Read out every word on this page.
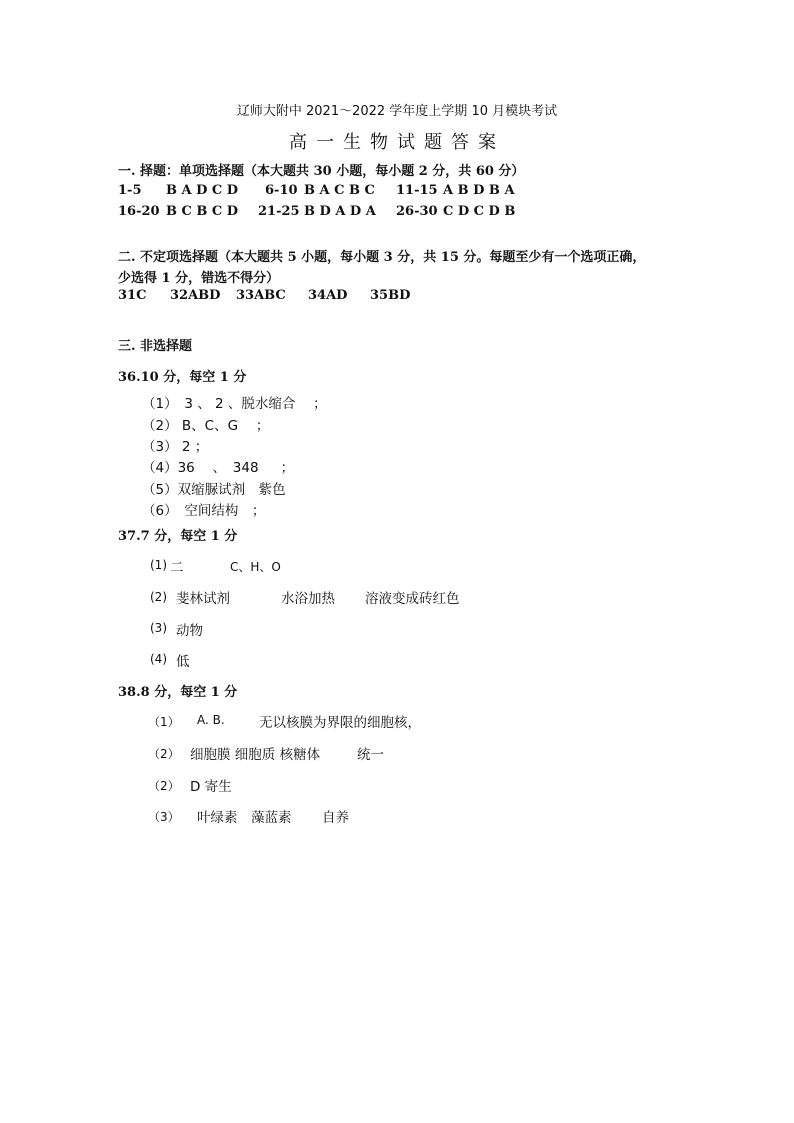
辽师大附中 2021～2022 学年度上学期 10 月模块考试
高一生物试题答案
一. 择题：单项选择题（本大题共 30 小题，每小题 2 分，共 60 分）
1-5 B A D C D 6-10 B A C B C 11-15 A B D B A
16-20 B C B C D 21-25 B D A D A 26-30 C D C D B
二. 不定项选择题（本大题共 5 小题，每小题 3 分，共 15 分。每题至少有一个选项正确，
少选得 1 分，错选不得分）
31C 32ABD 33ABC 34AD 35BD
三. 非选择题
36.10 分，每空 1 分
（1）　3 、 2 、脱水缩合 　；
（2） B、C、G 　；
（3） 2 ；
（4）36 　、　348 　 ；
（5）双缩脲试剂　紫色
（6）　空间结构　；
37.7 分，每空 1 分
(1) 二	C、H、O
(2) 斐林试剂	水浴加热 溶液变成砖红色
(3) 动物
(4) 低
38.8 分，每空 1 分
（1） A. B.	无以核膜为界限的细胞核，
（2） 细胞膜 细胞质 核糖体	统一
（2） D 寄生
（3） 叶绿素　藻蓝素 自养
